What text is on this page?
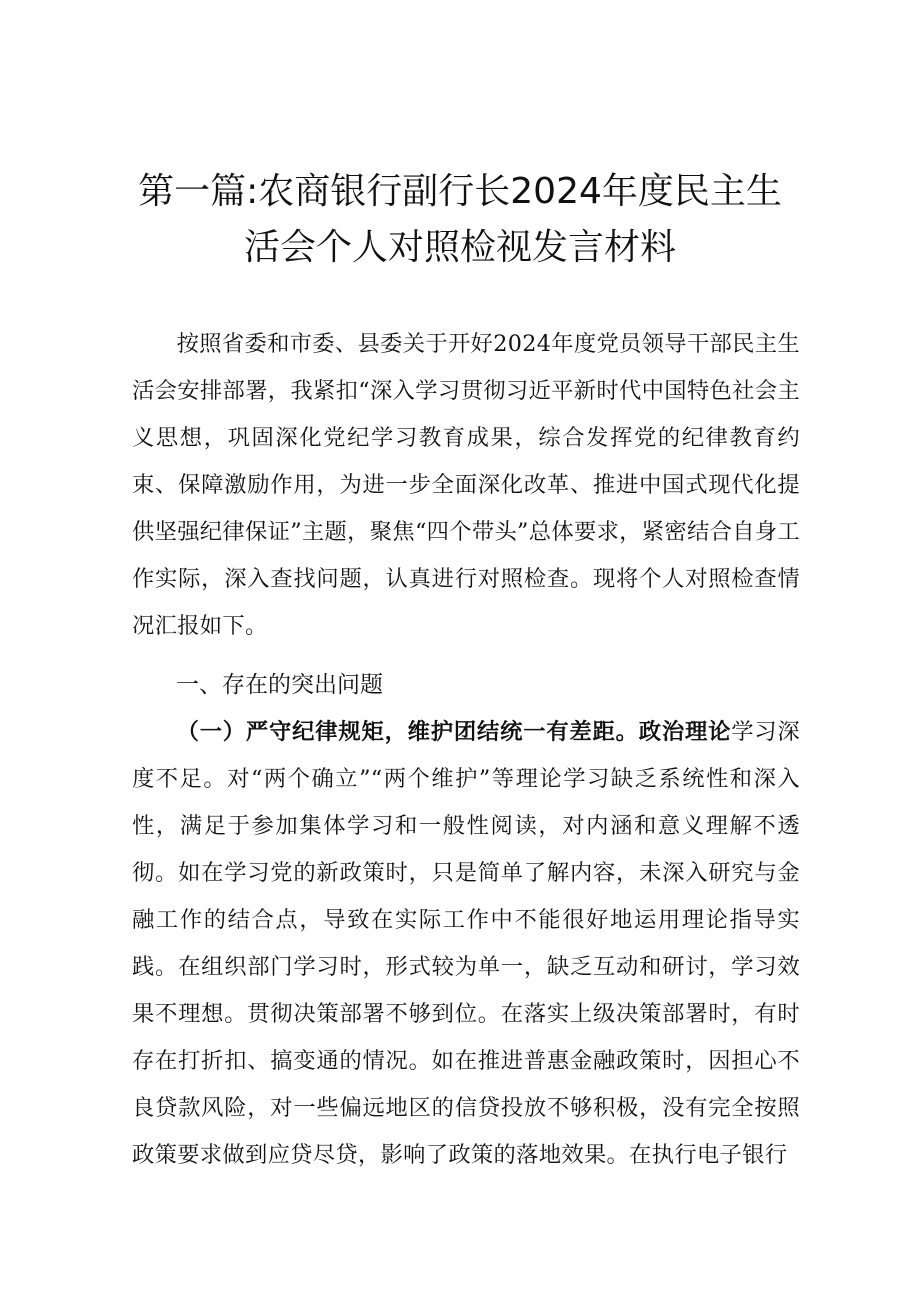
第一篇:农商银行副行长2024年度民主生
活会个人对照检视发言材料

按照省委和市委、县委关于开好2024年度党员领导干部民主生活会安排部署，我紧扣“深入学习贯彻习近平新时代中国特色社会主义思想，巩固深化党纪学习教育成果，综合发挥党的纪律教育约束、保障激励作用，为进一步全面深化改革、推进中国式现代化提供坚强纪律保证”主题，聚焦“四个带头”总体要求，紧密结合自身工作实际，深入查找问题，认真进行对照检查。现将个人对照检查情况汇报如下。

一、存在的突出问题

（一）严守纪律规矩，维护团结统一有差距。政治理论学习深度不足。对“两个确立”“两个维护”等理论学习缺乏系统性和深入性，满足于参加集体学习和一般性阅读，对内涵和意义理解不透彻。如在学习党的新政策时，只是简单了解内容，未深入研究与金融工作的结合点，导致在实际工作中不能很好地运用理论指导实践。在组织部门学习时，形式较为单一，缺乏互动和研讨，学习效果不理想。贯彻决策部署不够到位。在落实上级决策部署时，有时存在打折扣、搞变通的情况。如在推进普惠金融政策时，因担心不良贷款风险，对一些偏远地区的信贷投放不够积极，没有完全按照政策要求做到应贷尽贷，影响了政策的落地效果。在执行电子银行
